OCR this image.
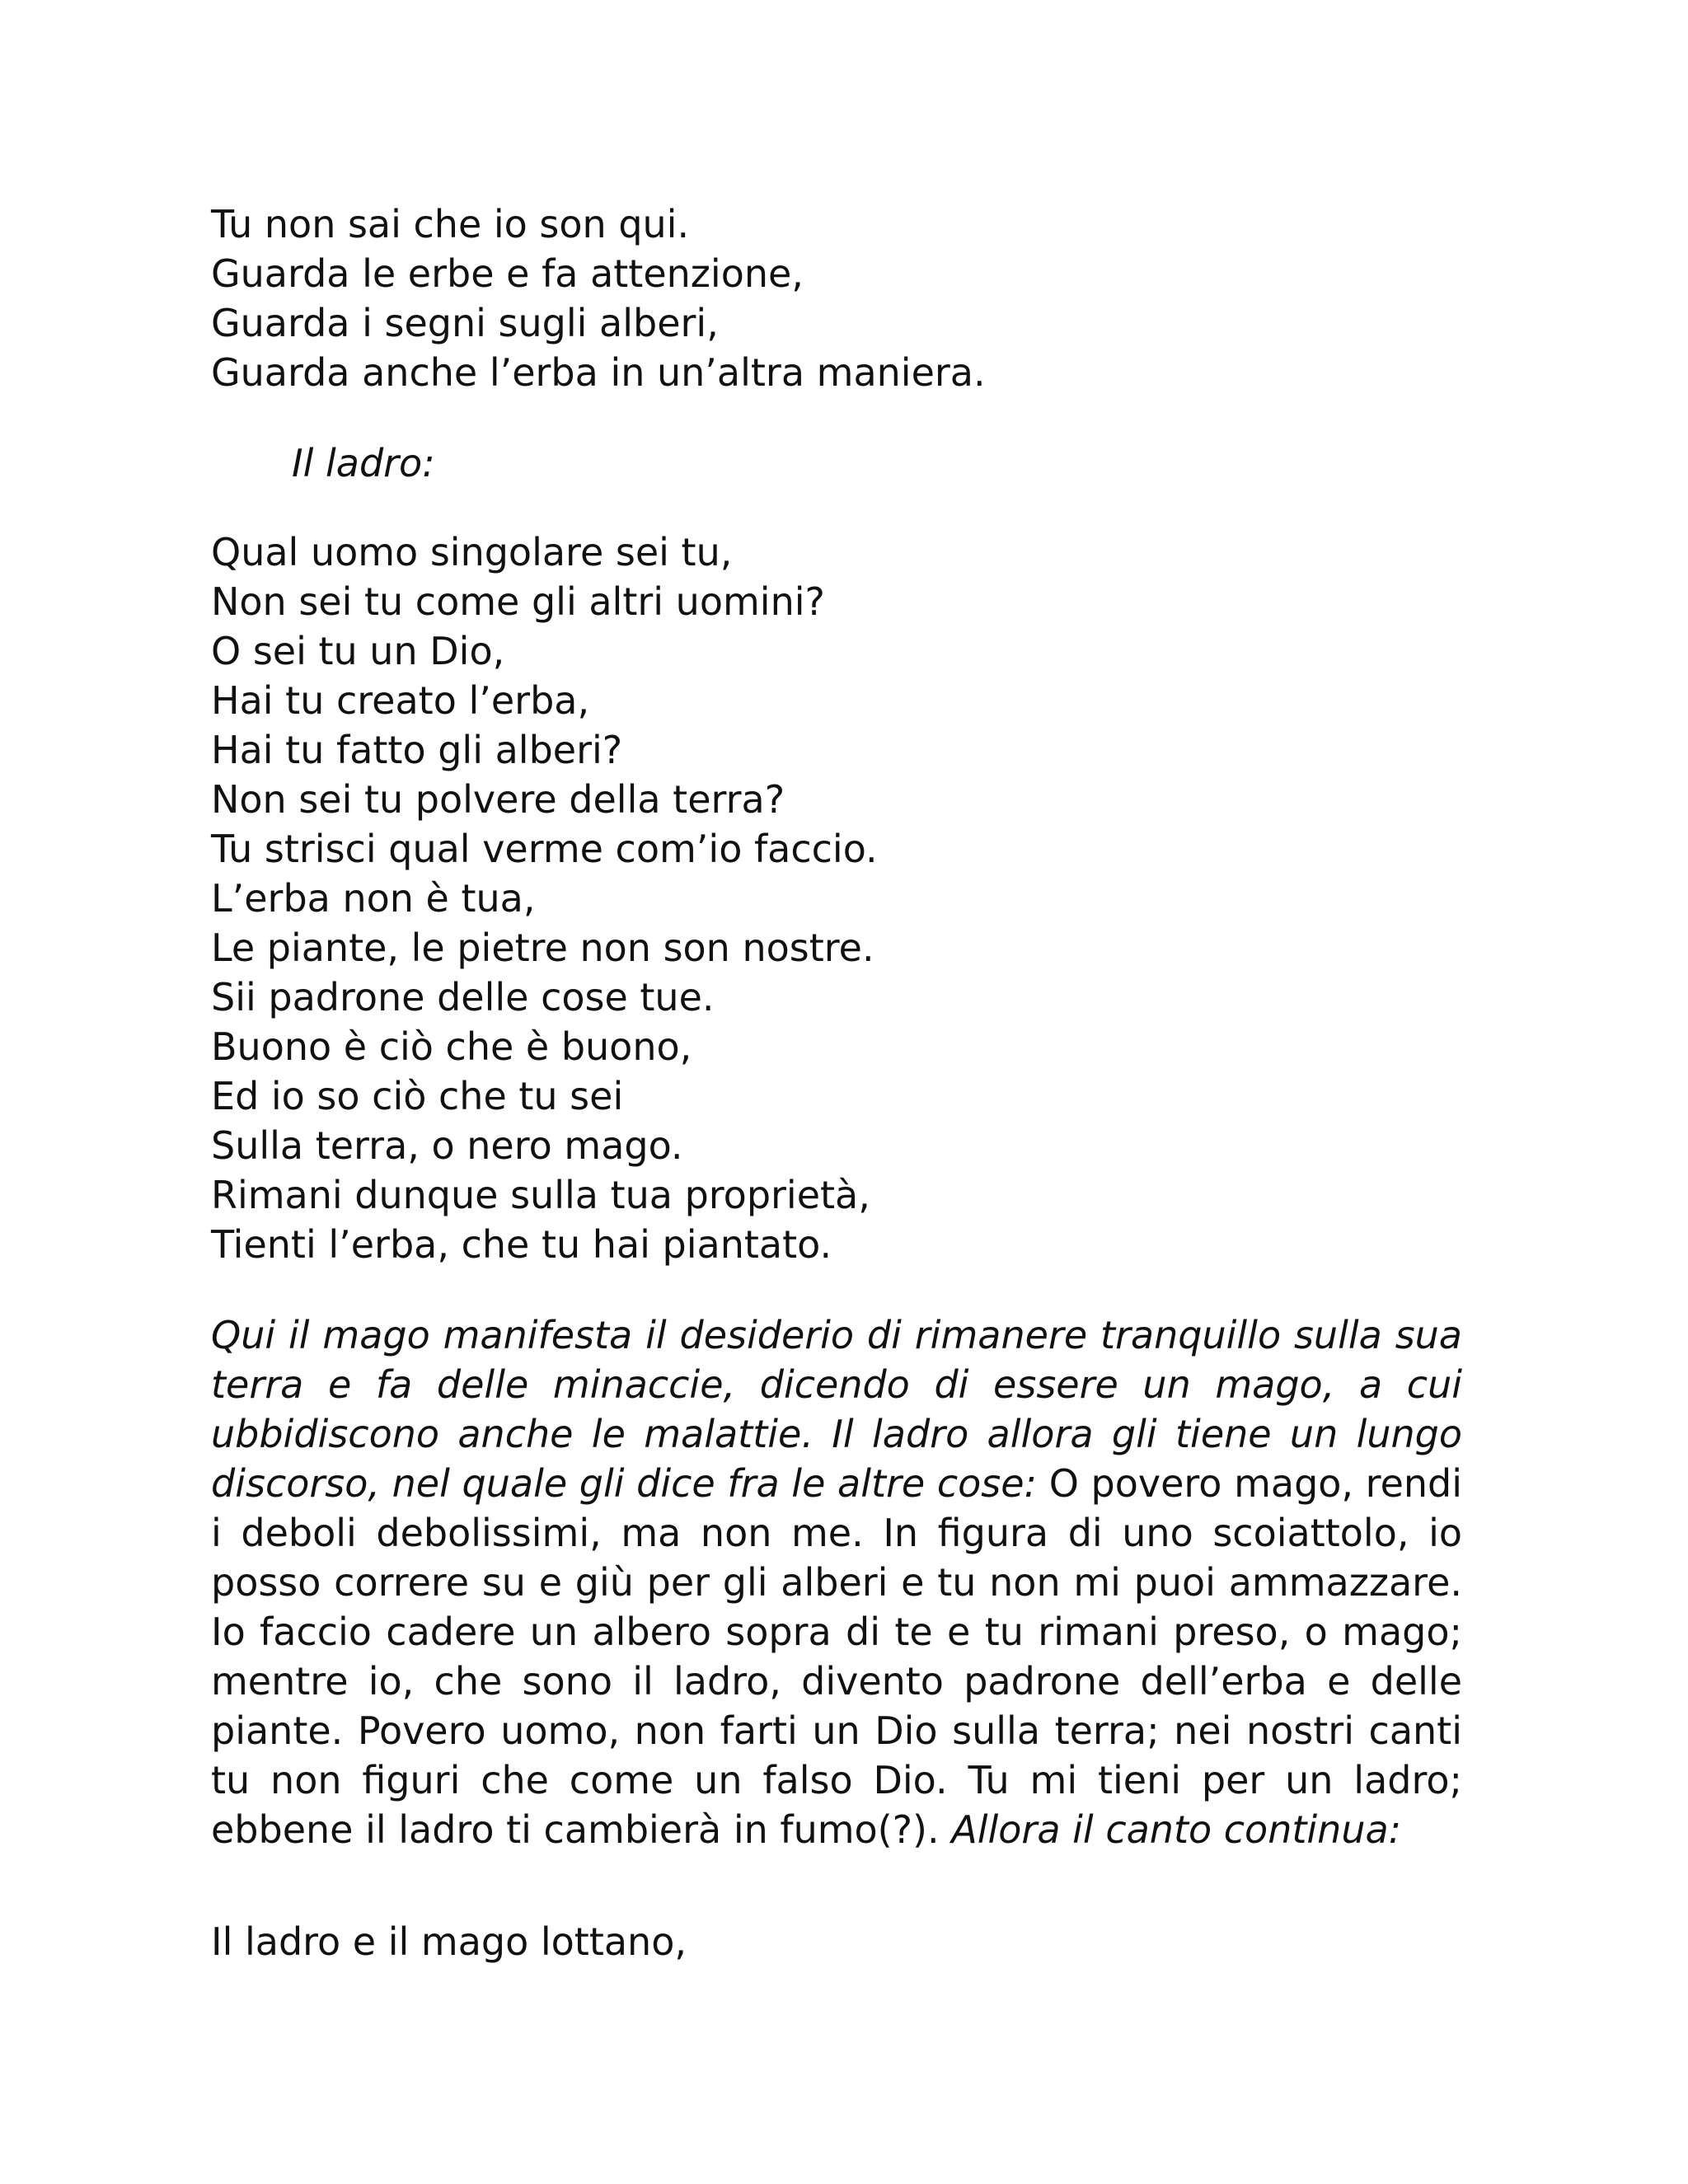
Tu non sai che io son qui.
Guarda le erbe e fa attenzione,
Guarda i segni sugli alberi,
Guarda anche l’erba in un’altra maniera.
Il ladro:
Qual uomo singolare sei tu,
Non sei tu come gli altri uomini?
O sei tu un Dio,
Hai tu creato l’erba,
Hai tu fatto gli alberi?
Non sei tu polvere della terra?
Tu strisci qual verme com’io faccio.
L’erba non è tua,
Le piante, le pietre non son nostre.
Sii padrone delle cose tue.
Buono è ciò che è buono,
Ed io so ciò che tu sei
Sulla terra, o nero mago.
Rimani dunque sulla tua proprietà,
Tienti l’erba, che tu hai piantato.
Qui il mago manifesta il desiderio di rimanere tranquillo sulla sua terra e fa delle minaccie, dicendo di essere un mago, a cui ubbidiscono anche le malattie. Il ladro allora gli tiene un lungo discorso, nel quale gli dice fra le altre cose: O povero mago, rendi i deboli debolissimi, ma non me. In figura di uno scoiattolo, io posso correre su e giù per gli alberi e tu non mi puoi ammazzare. Io faccio cadere un albero sopra di te e tu rimani preso, o mago; mentre io, che sono il ladro, divento padrone dell’erba e delle piante. Povero uomo, non farti un Dio sulla terra; nei nostri canti tu non figuri che come un falso Dio. Tu mi tieni per un ladro; ebbene il ladro ti cambierà in fumo(?). Allora il canto continua:
Il ladro e il mago lottano,
